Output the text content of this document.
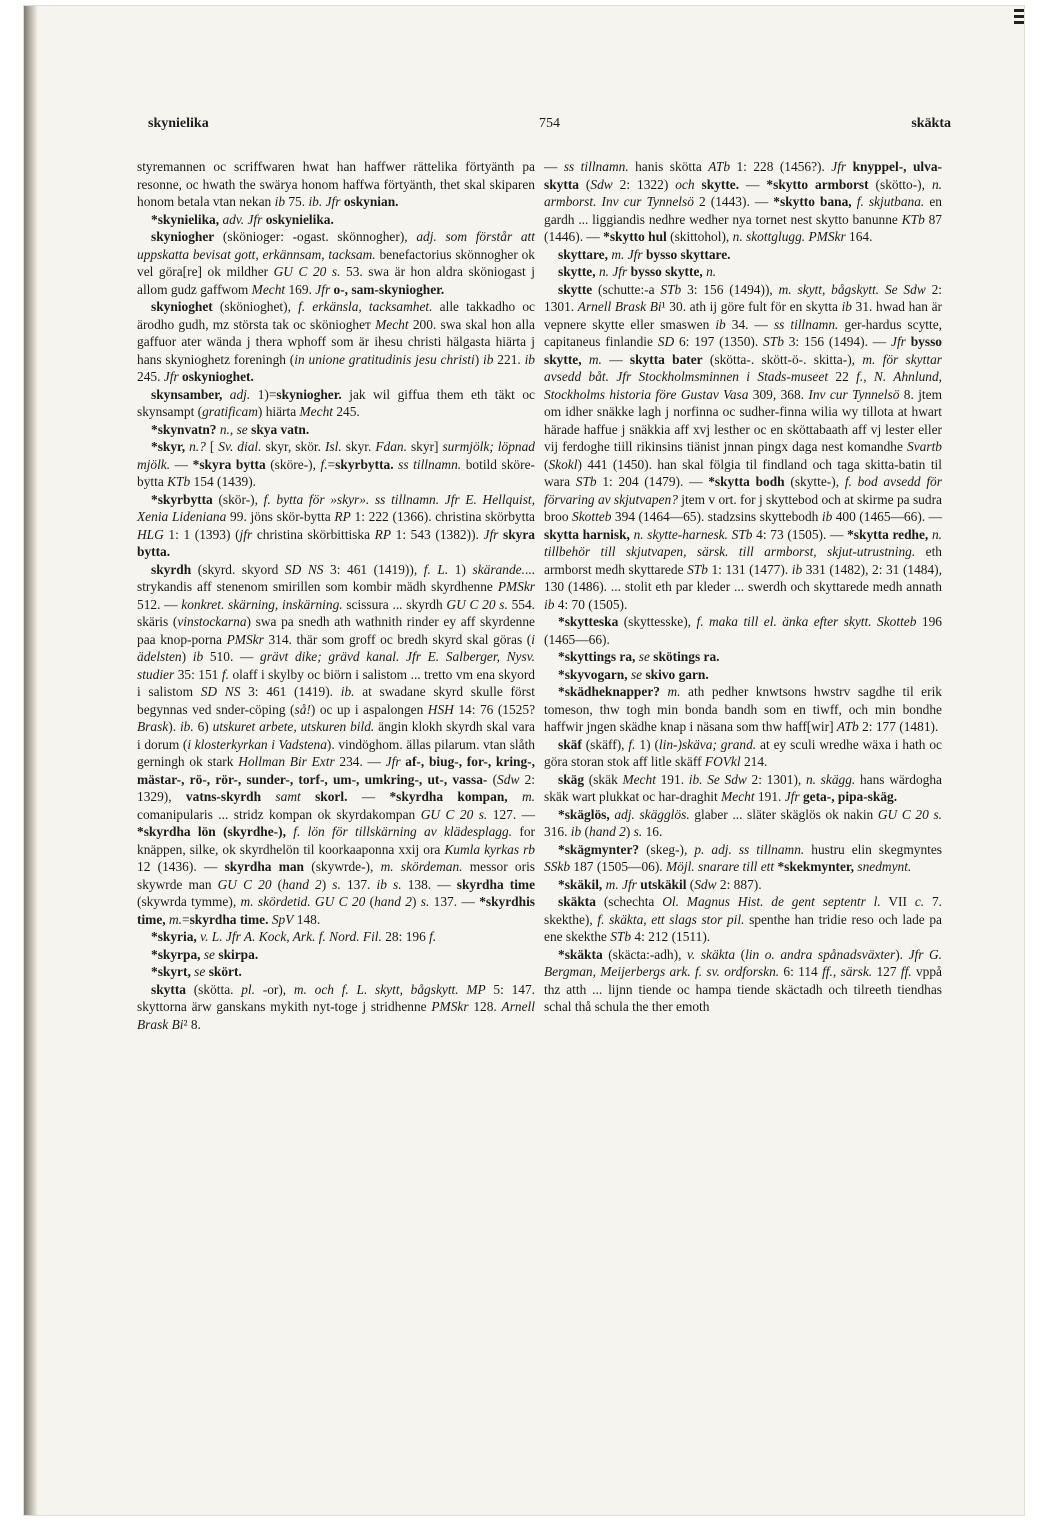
skynielika	754	skäkta

styremannen oc scriffwaren hwat han haffwer rättelika förtyänth pa resonne, oc hwath the swärya honom haffwa förtyänth, thet skal skiparen honom betala vtan nekan ib 75. ib. Jfr oskynian.

*skynielika, adv. Jfr oskynielika.

skyniogher (skönioger: -ogast. skönnogher), adj. som förstår att uppskatta bevisat gott, erkännsam, tacksam. benefactorius skönnogher ok vel göra[re] ok mildher GU C 20 s. 53. swa är hon aldra sköniogast j allom gudz gaffwom Mecht 169. Jfr o-, sam-skyniogher.

skynioghet (skönioghet), f. erkänsla, tacksamhet. alle takkadho oc ärodho gudh, mz största tak oc sköniogheт Mecht 200. swa skal hon alla gaffuor ater wända j thera wphoff som är ihesu christi hälgasta hiärta j hans skynioghetz foreningh (in unione gratitudinis jesu christi) ib 221. ib 245. Jfr oskynioghet.

skynsamber, adj. 1)=skyniogher. jak wil giffua them eth täkt oc skynsampt (gratificam) hiärta Mecht 245.

*skynvatn? n., se skya vatn.

*skyr, n.? [ Sv. dial. skyr, skör. Isl. skyr. Fdan. skyr] surmjölk; löpnad mjölk. — *skyra bytta (sköre-), f.=skyrbytta. ss tillnamn. botild sköre-bytta KTb 154 (1439).

*skyrbytta (skör-), f. bytta för »skyr». ss tillnamn. Jfr E. Hellquist, Xenia Lideniana 99. jöns skör-bytta RP 1: 222 (1366). christina skörbytta HLG 1: 1 (1393) (jfr christina skörbittiska RP 1: 543 (1382)). Jfr skyra bytta.

skyrdh (skyrd. skyord SD NS 3: 461 (1419)), f. L. 1) skärande.... strykandis aff stenenom smirillen som kombir mädh skyrdhenne PMSkr 512. — konkret. skärning, inskärning. scissura ... skyrdh GU C 20 s. 554. skäris (vinstockarna) swa pa snedh ath wathnith rinder ey aff skyrdenne paa knop-porna PMSkr 314. thär som groff oc bredh skyrd skal göras (i ädelsten) ib 510. — grävt dike; grävd kanal. Jfr E. Salberger, Nysv. studier 35: 151 f. olaff i skylby oc biörn i salistom ... tretto vm ena skyord i salistom SD NS 3: 461 (1419). ib. at swadane skyrd skulle först begynnas ved snder-cöping (så!) oc up i aspalongen HSH 14: 76 (1525? Brask). ib. 6) utskuret arbete, utskuren bild. ängin klokh skyrdh skal vara i dorum (i klosterkyrkan i Vadstena). vindöghom. ällas pilarum. vtan slåth gerningh ok stark Hollman Bir Extr 234. — Jfr af-, biug-, for-, kring-, mästar-, rö-, rör-, sunder-, torf-, um-, umkring-, ut-, vassa- (Sdw 2: 1329), vatns-skyrdh samt skorl. — *skyrdha kompan, m. comanipularis ... stridz kompan ok skyrdakompan GU C 20 s. 127. — *skyrdha lön (skyrdhe-), f. lön för tillskärning av klädesplagg. for knäppen, silke, ok skyrdhelön til koorkaaponna xxij ora Kumla kyrkas rb 12 (1436). — skyrdha man (skywrde-), m. skördeman. messor oris skywrde man GU C 20 (hand 2) s. 137. ib s. 138. — skyrdha time (skywrda tymme), m. skördetid. GU C 20 (hand 2) s. 137. — *skyrdhis time, m.=skyrdha time. SpV 148.

*skyria, v. L. Jfr A. Kock, Ark. f. Nord. Fil. 28: 196 f.

*skyrpa, se skirpa.

*skyrt, se skört.

skytta (skötta. pl. -or), m. och f. L. skytt, bågskytt. MP 5: 147. skyttorna ärw ganskans mykith nyt-toge j stridhenne PMSkr 128. Arnell Brask Bi² 8.

— ss tillnamn. hanis skötta ATb 1: 228 (1456?). Jfr knyppel-, ulva-skytta (Sdw 2: 1322) och skytte. — *skytto armborst (skötto-), n. armborst. Inv cur Tynnelsö 2 (1443). — *skytto bana, f. skjutbana. en gardh ... liggiandis nedhre wedher nya tornet nest skytto banunne KTb 87 (1446). — *skytto hul (skittohol), n. skottglugg. PMSkr 164.

skyttare, m. Jfr bysso skyttare.

skytte, n. Jfr bysso skytte, n.

skytte (schutte:-a STb 3: 156 (1494)), m. skytt, bågskytt. Se Sdw 2: 1301. Arnell Brask Bi¹ 30. ath ij göre fult för en skytta ib 31. hwad han är vepnere skytte eller smaswen ib 34. — ss tillnamn. ger-hardus scytte, capitaneus finlandie SD 6: 197 (1350). STb 3: 156 (1494). — Jfr bysso skytte, m. — skytta bater (skötta-. skött-ö-. skitta-), m. för skyttar avsedd båt. Jfr Stockholmsminnen i Stads-museet 22 f., N. Ahnlund, Stockholms historia före Gustav Vasa 309, 368. Inv cur Tynnelsö 8. jtem om idher snäkke lagh j norfinna oc sudher-finna wilia wy tillota at hwart härade haffue j snäkkia aff xvj lesther oc en sköttabaath aff vj lester eller vij ferdoghe tiill rikinsins tiänist jnnan pingx daga nest komandhe Svartb (Skokl) 441 (1450). han skal fölgia til findland och taga skitta-batin til wara STb 1: 204 (1479). — *skytta bodh (skytte-), f. bod avsedd för förvaring av skjutvapen? jtem v ort. for j skyttebod och at skirme pa sudra broo Skotteb 394 (1464—65). stadzsins skyttebodh ib 400 (1465—66). — skytta harnisk, n. skytte-harnesk. STb 4: 73 (1505). — *skytta redhe, n. tillbehör till skjutvapen, särsk. till armborst, skjut-utrustning. eth armborst medh skyttarede STb 1: 131 (1477). ib 331 (1482), 2: 31 (1484), 130 (1486). ... stolit eth par kleder ... swerdh och skyttarede medh annath ib 4: 70 (1505).

*skytteska (skyttesske), f. maka till el. änka efter skytt. Skotteb 196 (1465—66).

*skyttings ra, se skötings ra.

*skyvogarn, se skivo garn.

*skädheknapper? m. ath pedher knwtsons hwstrv sagdhe til erik tomeson, thw togh min bonda bandh som en tiwff, och min bondhe haffwir jngen skädhe knap i näsana som thw haff[wir] ATb 2: 177 (1481).

skäf (skäff), f. 1) (lin-)skäva; grand. at ey sculi wredhe wäxa i hath oc göra storan stok aff litle skäff FOVkl 214.

skäg (skäk Mecht 191. ib. Se Sdw 2: 1301), n. skägg. hans wärdogha skäk wart plukkat oc har-draghit Mecht 191. Jfr geta-, pipa-skäg.

*skäglös, adj. skägglös. glaber ... släter skäglös ok nakin GU C 20 s. 316. ib (hand 2) s. 16.

*skägmynter? (skeg-), p. adj. ss tillnamn. hustru elin skegmyntes SSkb 187 (1505—06). Möjl. snarare till ett *skekmynter, snedmynt.

*skäkil, m. Jfr utskäkil (Sdw 2: 887).

skäkta (schechta Ol. Magnus Hist. de gent septentr l. VII c. 7. skekthe), f. skäkta, ett slags stor pil. spenthe han tridie reso och lade pa ene skekthe STb 4: 212 (1511).

*skäkta (skäcta:-adh), v. skäkta (lin o. andra spånadsväxter). Jfr G. Bergman, Meijerbergs ark. f. sv. ordforskn. 6: 114 ff., särsk. 127 ff. vppå thz atth ... lijnn tiende oc hampa tiende skäctadh och tilreeth tiendhas schal thå schula the ther emoth
